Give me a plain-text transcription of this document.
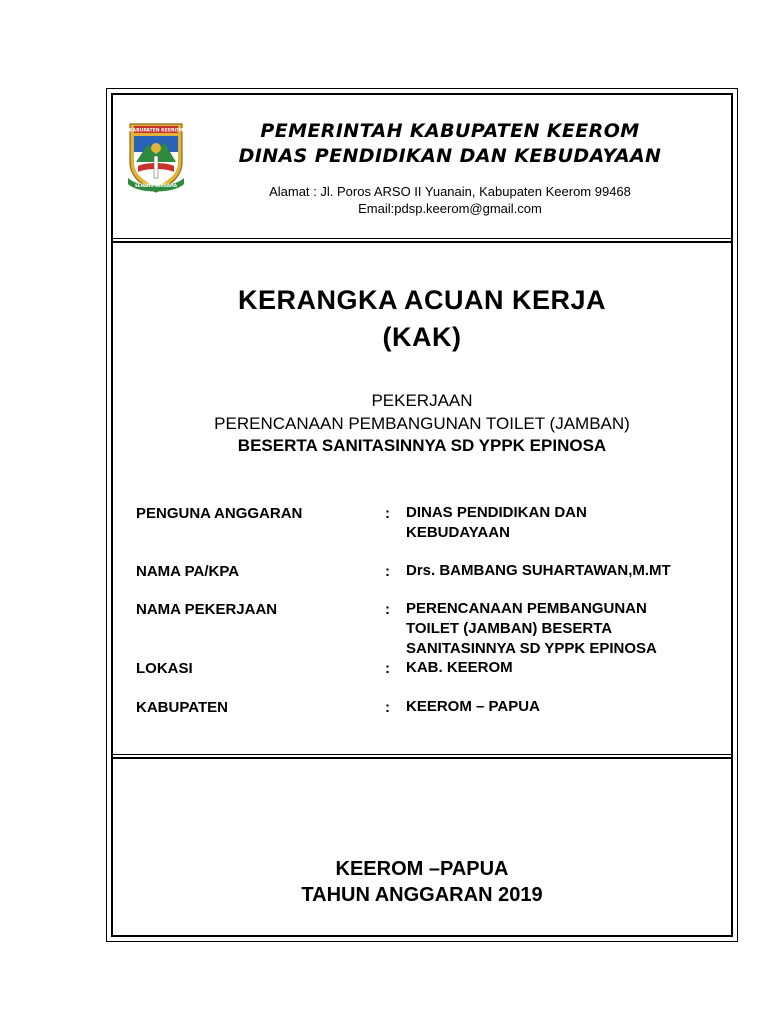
KABUPATEN KEEROM
SENANG BERSAMA
PEMERINTAH KABUPATEN KEEROM
DINAS PENDIDIKAN DAN KEBUDAYAAN
Alamat : Jl. Poros ARSO II Yuanain, Kabupaten Keerom 99468
Email:pdsp.keerom@gmail.com
KERANGKA ACUAN KERJA
(KAK)
PEKERJAAN
PERENCANAAN PEMBANGUNAN TOILET (JAMBAN)
BESERTA SANITASINNYA SD YPPK EPINOSA
PENGUNA ANGGARAN	: DINAS PENDIDIKAN DAN
KEBUDAYAAN
NAMA PA/KPA	: Drs. BAMBANG SUHARTAWAN,M.MT
NAMA PEKERJAAN	: PERENCANAAN PEMBANGUNAN
TOILET (JAMBAN) BESERTA
SANITASINNYA SD YPPK EPINOSA
LOKASI	: KAB. KEEROM
KABUPATEN	: KEEROM – PAPUA
KEEROM –PAPUA
TAHUN ANGGARAN 2019
